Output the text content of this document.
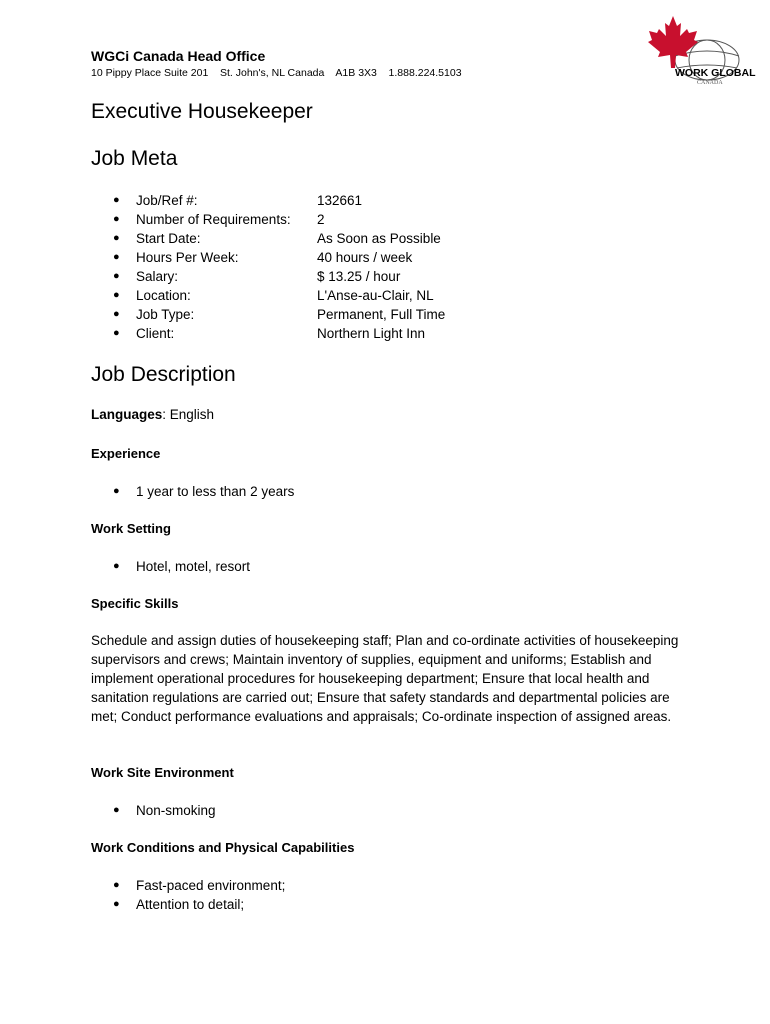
WGCi Canada Head Office
10 Pippy Place Suite 201    St. John's, NL Canada    A1B 3X3    1.888.224.5103	WORK GLOBAL
CANADA
Executive Housekeeper
Job Meta
● Job/Ref #:	132661
● Number of Requirements: 2
● Start Date:	As Soon as Possible
● Hours Per Week:	40 hours / week
● Salary:	$ 13.25 / hour
● Location:	L'Anse-au-Clair, NL
● Job Type:	Permanent, Full Time
● Client:	Northern Light Inn
Job Description
Languages: English
Experience
● 1 year to less than 2 years
Work Setting
● Hotel, motel, resort
Specific Skills
Schedule and assign duties of housekeeping staff; Plan and co-ordinate activities of housekeeping supervisors and crews; Maintain inventory of supplies, equipment and uniforms; Establish and implement operational procedures for housekeeping department; Ensure that local health and sanitation regulations are carried out; Ensure that safety standards and departmental policies are met; Conduct performance evaluations and appraisals; Co-ordinate inspection of assigned areas.
Work Site Environment
● Non-smoking
Work Conditions and Physical Capabilities
● Fast-paced environment;
● Attention to detail;
